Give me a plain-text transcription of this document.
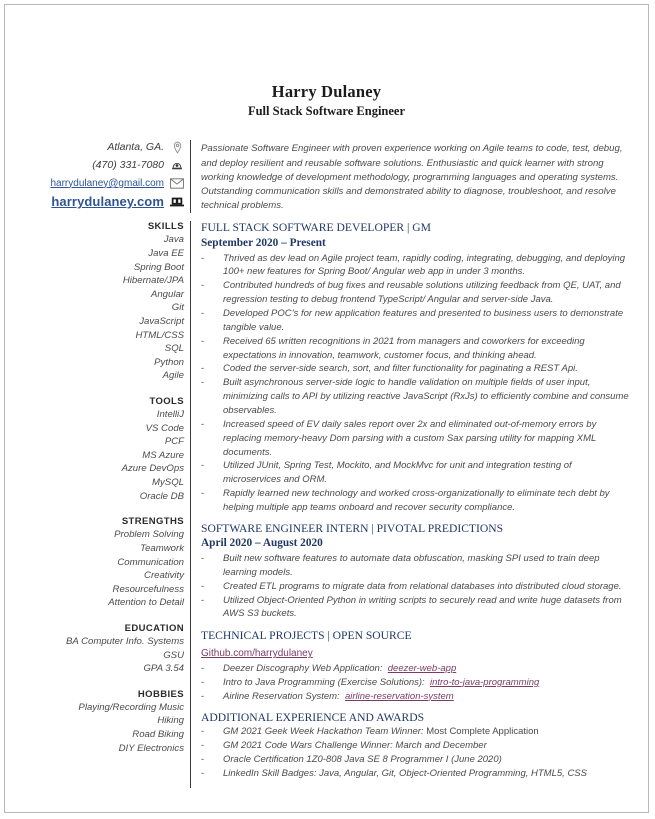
Harry Dulaney
Full Stack Software Engineer
Atlanta, GA.
(470) 331-7080
harrydulaney@gmail.com
harrydulaney.com
Passionate Software Engineer with proven experience working on Agile teams to code, test, debug, and deploy resilient and reusable software solutions. Enthusiastic and quick learner with strong working knowledge of development methodology, programming languages and operating systems. Outstanding communication skills and demonstrated ability to diagnose, troubleshoot, and resolve technical problems.
SKILLS
Java
Java EE
Spring Boot
Hibernate/JPA
Angular
Git
JavaScript
HTML/CSS
SQL
Python
Agile
TOOLS
IntelliJ
VS Code
PCF
MS Azure
Azure DevOps
MySQL
Oracle DB
STRENGTHS
Problem Solving
Teamwork
Communication
Creativity
Resourcefulness
Attention to Detail
EDUCATION
BA Computer Info. Systems
GSU
GPA 3.54
HOBBIES
Playing/Recording Music
Hiking
Road Biking
DIY Electronics
FULL STACK SOFTWARE DEVELOPER | GM
September 2020 – Present
-	Thrived as dev lead on Agile project team, rapidly coding, integrating, debugging, and deploying 100+ new features for Spring Boot/ Angular web app in under 3 months.
-	Contributed hundreds of bug fixes and reusable solutions utilizing feedback from QE, UAT, and regression testing to debug frontend TypeScript/ Angular and server-side Java.
-	Developed POC’s for new application features and presented to business users to demonstrate tangible value.
-	Received 65 written recognitions in 2021 from managers and coworkers for exceeding expectations in innovation, teamwork, customer focus, and thinking ahead.
-	Coded the server-side search, sort, and filter functionality for paginating a REST Api.
-	Built asynchronous server-side logic to handle validation on multiple fields of user input, minimizing calls to API by utilizing reactive JavaScript (RxJs) to efficiently combine and consume observables.
-	Increased speed of EV daily sales report over 2x and eliminated out-of-memory errors by replacing memory-heavy Dom parsing with a custom Sax parsing utility for mapping XML documents.
-	Utilized JUnit, Spring Test, Mockito, and MockMvc for unit and integration testing of microservices and ORM.
-	Rapidly learned new technology and worked cross-organizationally to eliminate tech debt by helping multiple app teams onboard and recover security compliance.
SOFTWARE ENGINEER INTERN | PIVOTAL PREDICTIONS
April 2020 – August 2020
-	Built new software features to automate data obfuscation, masking SPI used to train deep learning models.
-	Created ETL programs to migrate data from relational databases into distributed cloud storage.
-	Utilized Object-Oriented Python in writing scripts to securely read and write huge datasets from AWS S3 buckets.
TECHNICAL PROJECTS | OPEN SOURCE
Github.com/harrydulaney
-	Deezer Discography Web Application: deezer-web-app
-	Intro to Java Programming (Exercise Solutions): intro-to-java-programming
-	Airline Reservation System: airline-reservation-system
ADDITIONAL EXPERIENCE AND AWARDS
-	GM 2021 Geek Week Hackathon Team Winner: Most Complete Application
-	GM 2021 Code Wars Challenge Winner: March and December
-	Oracle Certification 1Z0-808 Java SE 8 Programmer I (June 2020)
-	LinkedIn Skill Badges: Java, Angular, Git, Object-Oriented Programming, HTML5, CSS
